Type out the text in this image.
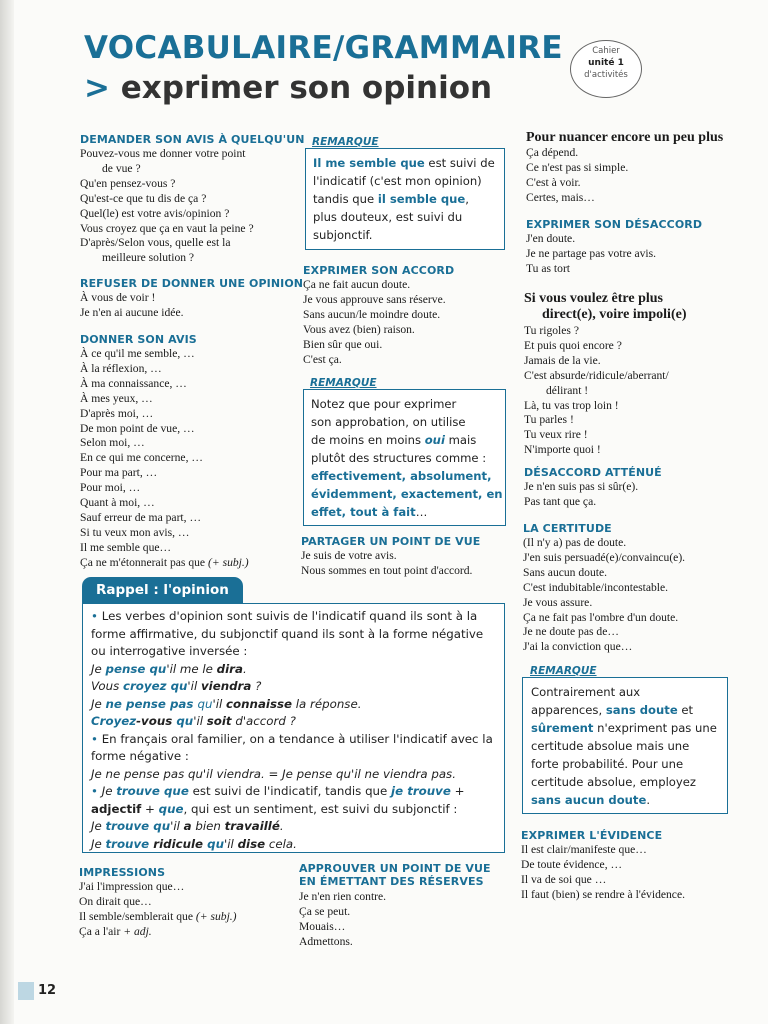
VOCABULAIRE/GRAMMAIRE
> exprimer son opinion
Cahier
unité 1
d'activités
DEMANDER SON AVIS À QUELQU'UN
Pouvez-vous me donner votre point
de vue ?
Qu'en pensez-vous ?
Qu'est-ce que tu dis de ça ?
Quel(le) est votre avis/opinion ?
Vous croyez que ça en vaut la peine ?
D'après/Selon vous, quelle est la
meilleure solution ?
REFUSER DE DONNER UNE OPINION
À vous de voir !
Je n'en ai aucune idée.
DONNER SON AVIS
À ce qu'il me semble, …
À la réflexion, …
À ma connaissance, …
À mes yeux, …
D'après moi, …
De mon point de vue, …
Selon moi, …
En ce qui me concerne, …
Pour ma part, …
Pour moi, …
Quant à moi, …
Sauf erreur de ma part, …
Si tu veux mon avis, …
Il me semble que…
Ça ne m'étonnerait pas que (+ subj.)
REMARQUE
Il me semble que est suivi de
l'indicatif (c'est mon opinion)
tandis que il semble que,
plus douteux, est suivi du
subjonctif.
EXPRIMER SON ACCORD
Ça ne fait aucun doute.
Je vous approuve sans réserve.
Sans aucun/le moindre doute.
Vous avez (bien) raison.
Bien sûr que oui.
C'est ça.
REMARQUE
Notez que pour exprimer
son approbation, on utilise
de moins en moins oui mais
plutôt des structures comme :
effectivement, absolument,
évidemment, exactement, en
effet, tout à fait…
PARTAGER UN POINT DE VUE
Je suis de votre avis.
Nous sommes en tout point d'accord.
Pour nuancer encore un peu plus
Ça dépend.
Ce n'est pas si simple.
C'est à voir.
Certes, mais…
EXPRIMER SON DÉSACCORD
J'en doute.
Je ne partage pas votre avis.
Tu as tort
Si vous voulez être plus
direct(e), voire impoli(e)
Tu rigoles ?
Et puis quoi encore ?
Jamais de la vie.
C'est absurde/ridicule/aberrant/
délirant !
Là, tu vas trop loin !
Tu parles !
Tu veux rire !
N'importe quoi !
DÉSACCORD ATTÉNUÉ
Je n'en suis pas si sûr(e).
Pas tant que ça.
LA CERTITUDE
(Il n'y a) pas de doute.
J'en suis persuadé(e)/convaincu(e).
Sans aucun doute.
C'est indubitable/incontestable.
Je vous assure.
Ça ne fait pas l'ombre d'un doute.
Je ne doute pas de…
J'ai la conviction que…
REMARQUE
Contrairement aux
apparences, sans doute et
sûrement n'expriment pas une
certitude absolue mais une
forte probabilité. Pour une
certitude absolue, employez
sans aucun doute.
EXPRIMER L'ÉVIDENCE
Il est clair/manifeste que…
De toute évidence, …
Il va de soi que …
Il faut (bien) se rendre à l'évidence.
Rappel : l'opinion
• Les verbes d'opinion sont suivis de l'indicatif quand ils sont à la
forme affirmative, du subjonctif quand ils sont à la forme négative
ou interrogative inversée :
Je pense qu'il me le dira.
Vous croyez qu'il viendra ?
Je ne pense pas qu'il connaisse la réponse.
Croyez-vous qu'il soit d'accord ?
• En français oral familier, on a tendance à utiliser l'indicatif avec la
forme négative :
Je ne pense pas qu'il viendra. = Je pense qu'il ne viendra pas.
• Je trouve que est suivi de l'indicatif, tandis que je trouve +
adjectif + que, qui est un sentiment, est suivi du subjonctif :
Je trouve qu'il a bien travaillé.
Je trouve ridicule qu'il dise cela.
IMPRESSIONS
J'ai l'impression que…
On dirait que…
Il semble/semblerait que (+ subj.)
Ça a l'air + adj.
APPROUVER UN POINT DE VUE
EN ÉMETTANT DES RÉSERVES
Je n'en rien contre.
Ça se peut.
Mouais…
Admettons.
12
